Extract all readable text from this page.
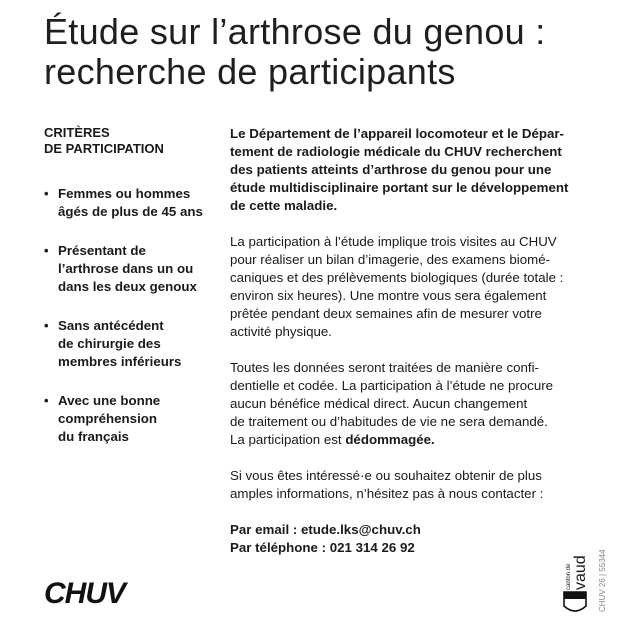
Étude sur l’arthrose du genou :
recherche de participants
CRITÈRES
DE PARTICIPATION
• Femmes ou hommes
âgés de plus de 45 ans
• Présentant de
l’arthrose dans un ou
dans les deux genoux
• Sans antécédent
de chirurgie des
membres inférieurs
• Avec une bonne
compréhension
du français

Le Département de l’appareil locomoteur et le Dépar-
tement de radiologie médicale du CHUV recherchent
des patients atteints d’arthrose du genou pour une
étude multidisciplinaire portant sur le développement
de cette maladie.

La participation à l’étude implique trois visites au CHUV
pour réaliser un bilan d’imagerie, des examens biomé-
caniques et des prélèvements biologiques (durée totale :
environ six heures). Une montre vous sera également
prêtée pendant deux semaines afin de mesurer votre
activité physique.

Toutes les données seront traitées de manière confi-
dentielle et codée. La participation à l’étude ne procure
aucun bénéfice médical direct. Aucun changement
de traitement ou d’habitudes de vie ne sera demandé.
La participation est dédommagée.

Si vous êtes intéressé·e ou souhaitez obtenir de plus
amples informations, n’hésitez pas à nous contacter :

Par email : etude.lks@chuv.ch
Par téléphone : 021 314 26 92

CHUV
canton de vaud CHUV 26 | 55344
